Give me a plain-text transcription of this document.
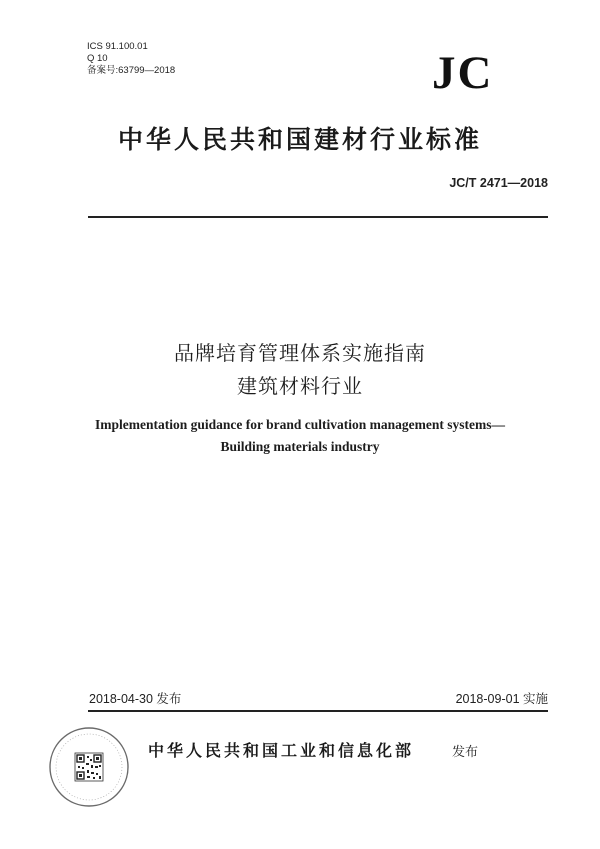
ICS 91.100.01
Q 10
备案号:63799—2018	JC
中华人民共和国建材行业标准
JC/T 2471—2018
品牌培育管理体系实施指南
建筑材料行业
Implementation guidance for brand cultivation management systems—
Building materials industry
2018-04-30 发布	2018-09-01 实施
中华人民共和国工业和信息化部	发布
